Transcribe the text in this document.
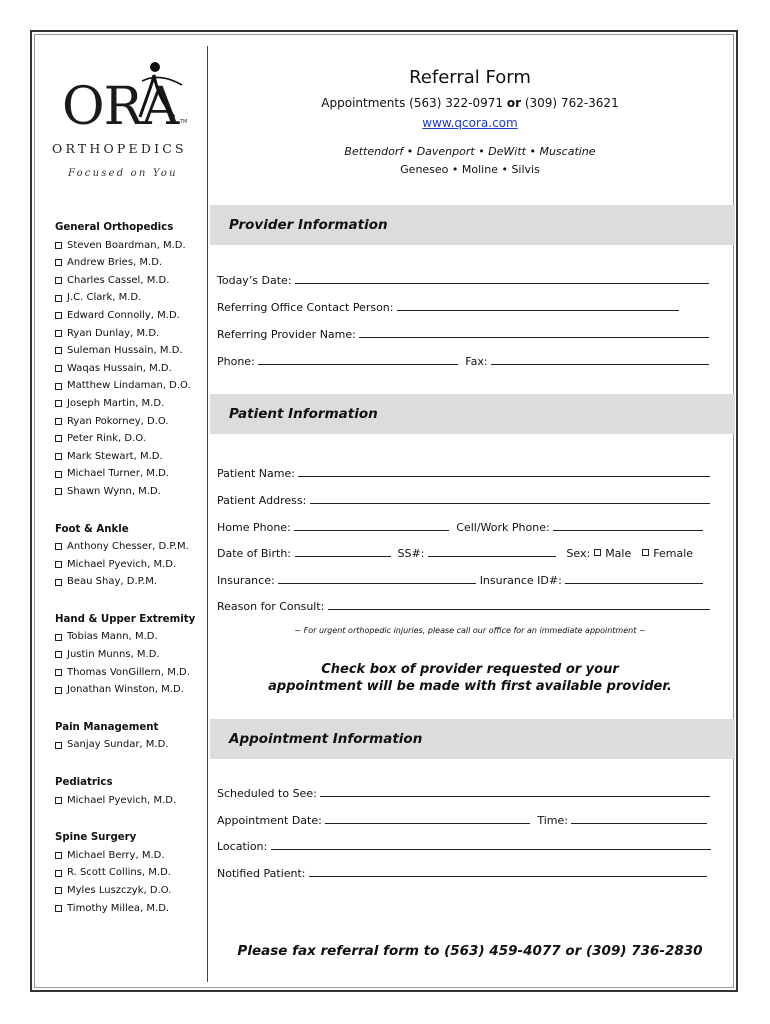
ORA TM
ORTHOPEDICS
Focused on You
General Orthopedics
Steven Boardman, M.D.
Andrew Bries, M.D.
Charles Cassel, M.D.
J.C. Clark, M.D.
Edward Connolly, M.D.
Ryan Dunlay, M.D.
Suleman Hussain, M.D.
Waqas Hussain, M.D.
Matthew Lindaman, D.O.
Joseph Martin, M.D.
Ryan Pokorney, D.O.
Peter Rink, D.O.
Mark Stewart, M.D.
Michael Turner, M.D.
Shawn Wynn, M.D.
Foot & Ankle
Anthony Chesser, D.P.M.
Michael Pyevich, M.D.
Beau Shay, D.P.M.
Hand & Upper Extremity
Tobias Mann, M.D.
Justin Munns, M.D.
Thomas VonGillern, M.D.
Jonathan Winston, M.D.
Pain Management
Sanjay Sundar, M.D.
Pediatrics
Michael Pyevich, M.D.
Spine Surgery
Michael Berry, M.D.
R. Scott Collins, M.D.
Myles Luszczyk, D.O.
Timothy Millea, M.D.
Referral Form
Appointments (563) 322-0971 or (309) 762-3621
www.qcora.com
Bettendorf • Davenport • DeWitt • Muscatine
Geneseo • Moline • Silvis
Provider Information
Today’s Date:
Referring Office Contact Person:
Referring Provider Name:
Phone:	Fax:
Patient Information
Patient Name:
Patient Address:
Home Phone:	Cell/Work Phone:
Date of Birth:	SS#:	Sex: Male Female
Insurance:	Insurance ID#:
Reason for Consult:
~ For urgent orthopedic injuries, please call our office for an immediate appointment ~
Check box of provider requested or your
appointment will be made with first available provider.
Appointment Information
Scheduled to See:
Appointment Date:	Time:
Location:
Notified Patient:
Please fax referral form to (563) 459-4077 or (309) 736-2830
